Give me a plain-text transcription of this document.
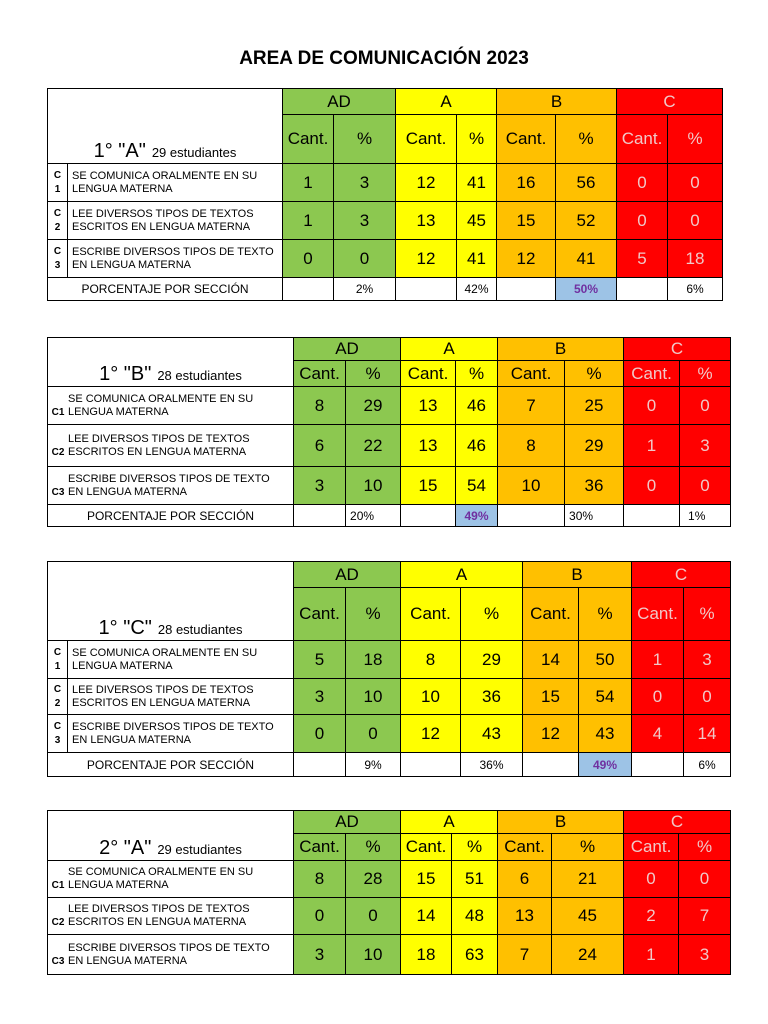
AREA DE COMUNICACIÓN 2023
1° "A" 29 estudiantes		AD		A		B		C	
		Cant.	%	Cant.	%	Cant.	%	Cant.	%
C
1	SE COMUNICA ORALMENTE EN SU LENGUA MATERNA	1	3	12	41	16	56	0	0
C
2	LEE DIVERSOS TIPOS DE TEXTOS ESCRITOS EN LENGUA MATERNA	1	3	13	45	15	52	0	0
C
3	ESCRIBE DIVERSOS TIPOS DE TEXTO EN LENGUA MATERNA	0	0	12	41	12	41	5	18
PORCENTAJE POR SECCIÓN			2%		42%		50%		6%
1° "B" 28 estudiantes	AD		A		B		C	
	Cant.	%	Cant.	%	Cant.	%	Cant.	%
C1SE COMUNICA ORALMENTE EN SU LENGUA MATERNA	8	29	13	46	7	25	0	0
C2LEE DIVERSOS TIPOS DE TEXTOS ESCRITOS EN LENGUA MATERNA	6	22	13	46	8	29	1	3
C3ESCRIBE DIVERSOS TIPOS DE TEXTO EN LENGUA MATERNA	3	10	15	54	10	36	0	0
PORCENTAJE POR SECCIÓN		20%		49%		30%		1%
1° "C" 28 estudiantes		AD		A		B		C	
		Cant.	%	Cant.	%	Cant.	%	Cant.	%
C
1	SE COMUNICA ORALMENTE EN SU LENGUA MATERNA	5	18	8	29	14	50	1	3
C
2	LEE DIVERSOS TIPOS DE TEXTOS ESCRITOS EN LENGUA MATERNA	3	10	10	36	15	54	0	0
C
3	ESCRIBE DIVERSOS TIPOS DE TEXTO EN LENGUA MATERNA	0	0	12	43	12	43	4	14
PORCENTAJE POR SECCIÓN			9%		36%		49%		6%
2° "A" 29 estudiantes	AD		A		B		C	
	Cant.	%	Cant.	%	Cant.	%	Cant.	%
C1SE COMUNICA ORALMENTE EN SU LENGUA MATERNA	8	28	15	51	6	21	0	0
C2LEE DIVERSOS TIPOS DE TEXTOS ESCRITOS EN LENGUA MATERNA	0	0	14	48	13	45	2	7
C3ESCRIBE DIVERSOS TIPOS DE TEXTO EN LENGUA MATERNA	3	10	18	63	7	24	1	3
